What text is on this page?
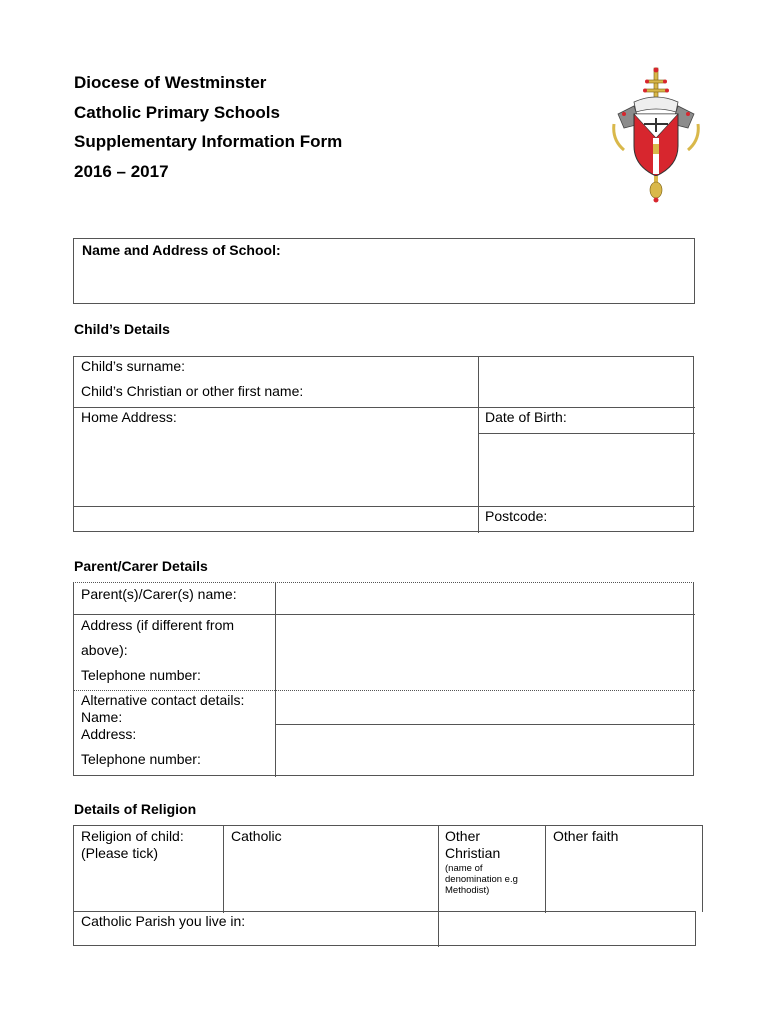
Diocese of Westminster
Catholic Primary Schools
Supplementary Information Form
2016 – 2017
Name and Address of School:
Child’s Details
Child’s surname:
Child’s Christian or other first name:
Home Address:	Date of Birth:
Postcode:
Parent/Carer Details
Parent(s)/Carer(s) name:
Address (if different from
above):
Telephone number:
Alternative contact details:
Name:
Address:
Telephone number:
Details of Religion
Religion of child:
(Please tick)
Catholic	Other
Christian
(name of
denomination e.g
Methodist)
Other faith
Catholic Parish you live in:
